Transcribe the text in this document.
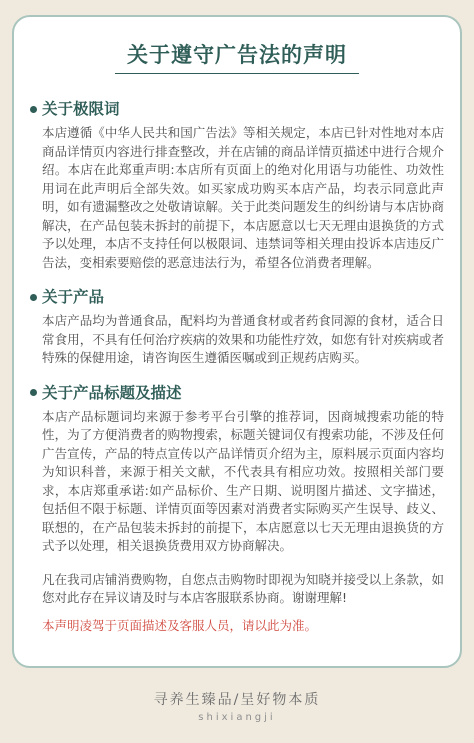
关于遵守广告法的声明
关于极限词
本店遵循《中华人民共和国广告法》等相关规定，本店已针对性地对本店商品详情页内容进行排查整改，并在店铺的商品详情页描述中进行合规介绍。本店在此郑重声明:本店所有页面上的绝对化用语与功能性、功效性用词在此声明后全部失效。如买家成功购买本店产品，均表示同意此声明，如有遗漏整改之处敬请谅解。关于此类问题发生的纠纷请与本店协商解决，在产品包装未拆封的前提下，本店愿意以七天无理由退换货的方式予以处理，本店不支持任何以极限词、违禁词等相关理由投诉本店违反广告法，变相索要赔偿的恶意违法行为，希望各位消费者理解。
关于产品
本店产品均为普通食品，配料均为普通食材或者药食同源的食材，适合日常食用，不具有任何治疗疾病的效果和功能性疗效，如您有针对疾病或者特殊的保健用途，请咨询医生遵循医嘱或到正规药店购买。
关于产品标题及描述
本店产品标题词均来源于参考平台引擎的推荐词，因商城搜索功能的特性，为了方便消费者的购物搜索，标题关键词仅有搜索功能，不涉及任何广告宣传，产品的特点宣传以产品详情页介绍为主，原料展示页面内容均为知识科普，来源于相关文献，不代表具有相应功效。按照相关部门要求，本店郑重承诺:如产品标价、生产日期、说明图片描述、文字描述，包括但不限于标题、详情页面等因素对消费者实际购买产生误导、歧义、联想的，在产品包装未拆封的前提下，本店愿意以七天无理由退换货的方式予以处理，相关退换货费用双方协商解决。
凡在我司店铺消费购物，自您点击购物时即视为知晓并接受以上条款，如您对此存在异议请及时与本店客服联系协商。谢谢理解!
本声明凌驾于页面描述及客服人员，请以此为准。
寻养生臻品/呈好物本质
shixiangji
